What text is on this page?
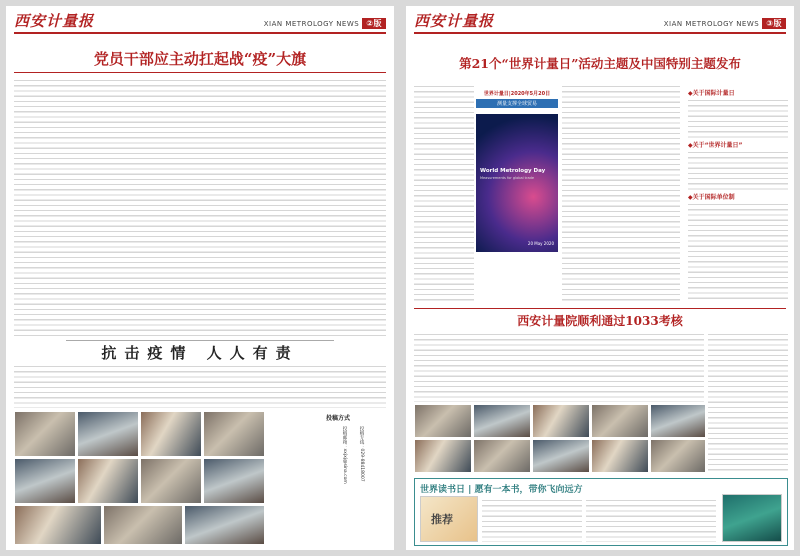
西安计量报	XIAN METROLOGY NEWS ②版
党员干部应主动扛起战“疫”大旗
抗击疫情 人人有责
投稿方式
投稿专线：029-88418007
投稿邮箱：xxjxj@sina.com
西安计量报	XIAN METROLOGY NEWS ③版
第21个“世界计量日”活动主题及中国特别主题发布
世界计量日|2020年5月20日
测量支撑全球贸易
World Metrology Day
Measurements for global trade
20 May 2020
◆关于国际计量日
◆关于“世界计量日”
◆关于国际单位制
西安计量院顺利通过1033考核
世界读书日 | 愿有一本书，带你飞向远方
推荐
